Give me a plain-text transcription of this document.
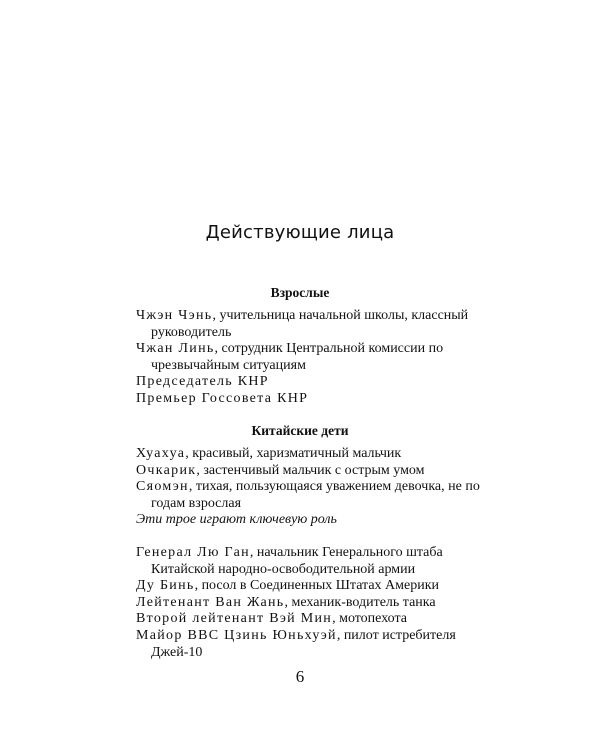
Действующие лица
Взрослые

Чжэн Чэнь, учительница начальной школы, классный руководитель

Чжан Линь, сотрудник Центральной комиссии по чрезвычайным ситуациям

Председатель КНР

Премьер Госсовета КНР

Китайские дети

Хуахуа, красивый, харизматичный мальчик

Очкарик, застенчивый мальчик с острым умом

Сяомэн, тихая, пользующаяся уважением девочка, не по годам взрослая

Эти трое играют ключевую роль

Генерал Лю Ган, начальник Генерального штаба Китайской народно-освободительной армии

Ду Бинь, посол в Соединенных Штатах Америки

Лейтенант Ван Жань, механик-водитель танка

Второй лейтенант Вэй Мин, мотопехота

Майор ВВС Цзинь Юньхуэй, пилот истребителя Джей-10

6
